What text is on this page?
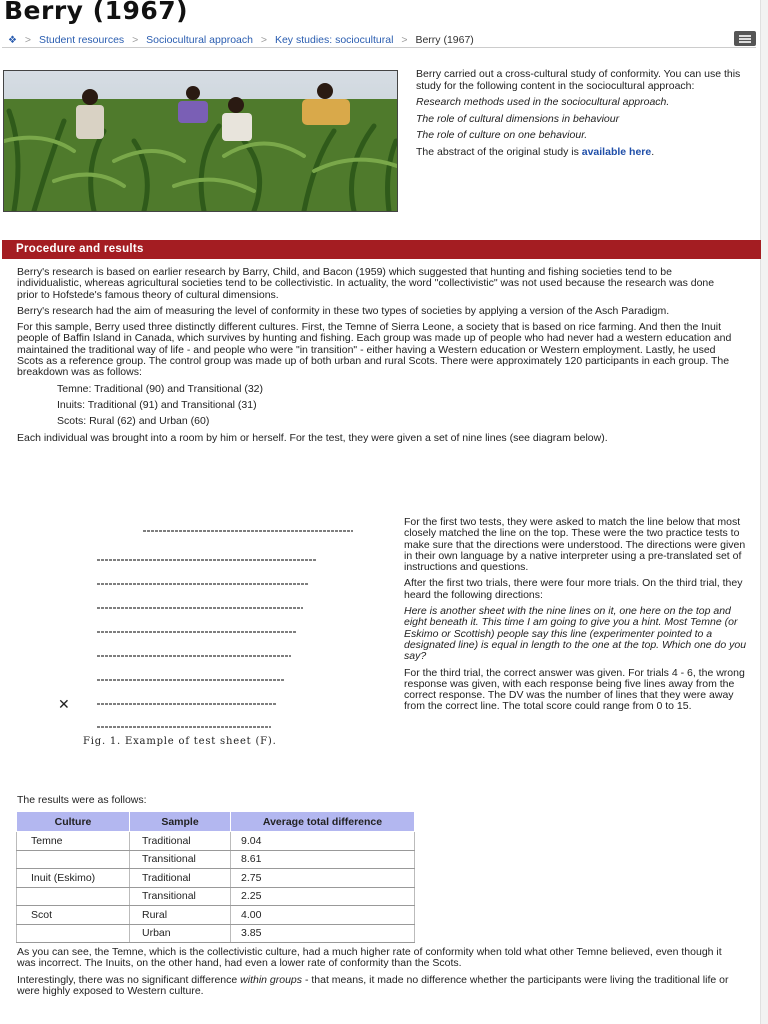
Berry (1967)
❖ > Student resources > Sociocultural approach > Key studies: sociocultural > Berry (1967)

Berry carried out a cross-cultural study of conformity. You can use this study for the following content in the sociocultural approach:

Research methods used in the sociocultural approach.

The role of cultural dimensions in behaviour

The role of culture on one behaviour.

The abstract of the original study is available here.

Procedure and results

Berry's research is based on earlier research by Barry, Child, and Bacon (1959) which suggested that hunting and fishing societies tend to be individualistic, whereas agricultural societies tend to be collectivistic. In actuality, the word "collectivistic" was not used because the research was done prior to Hofstede's famous theory of cultural dimensions.

Berry's research had the aim of measuring the level of conformity in these two types of societies by applying a version of the Asch Paradigm.

For this sample, Berry used three distinctly different cultures. First, the Temne of Sierra Leone, a society that is based on rice farming. And then the Inuit people of Baffin Island in Canada, which survives by hunting and fishing. Each group was made up of people who had never had a western education and maintained the traditional way of life - and people who were "in transition" - either having a Western education or Western employment. Lastly, he used Scots as a reference group. The control group was made up of both urban and rural Scots. There were approximately 120 participants in each group. The breakdown was as follows:

Temne: Traditional (90) and Transitional (32)

Inuits: Traditional (91) and Transitional (31)

Scots: Rural (62) and Urban (60)

Each individual was brought into a room by him or herself. For the test, they were given a set of nine lines (see diagram below).

✕
Fig. 1. Example of test sheet (F).

For the first two tests, they were asked to match the line below that most closely matched the line on the top. These were the two practice tests to make sure that the directions were understood. The directions were given in their own language by a native interpreter using a pre-translated set of instructions and questions.

After the first two trials, there were four more trials. On the third trial, they heard the following directions:

Here is another sheet with the nine lines on it, one here on the top and eight beneath it. This time I am going to give you a hint. Most Temne (or Eskimo or Scottish) people say this line (experimenter pointed to a designated line) is equal in length to the one at the top. Which one do you say?

For the third trial, the correct answer was given. For trials 4 - 6, the wrong response was given, with each response being five lines away from the correct response. The DV was the number of lines that they were away from the correct line. The total score could range from 0 to 15.

The results were as follows:
Culture	Sample	Average total difference
Temne	Traditional	9.04
	Transitional	8.61
Inuit (Eskimo)	Traditional	2.75
	Transitional	2.25
Scot	Rural	4.00
	Urban	3.85

As you can see, the Temne, which is the collectivistic culture, had a much higher rate of conformity when told what other Temne believed, even though it was incorrect. The Inuits, on the other hand, had even a lower rate of conformity than the Scots.

Interestingly, there was no significant difference within groups - that means, it made no difference whether the participants were living the traditional life or were highly exposed to Western culture.
